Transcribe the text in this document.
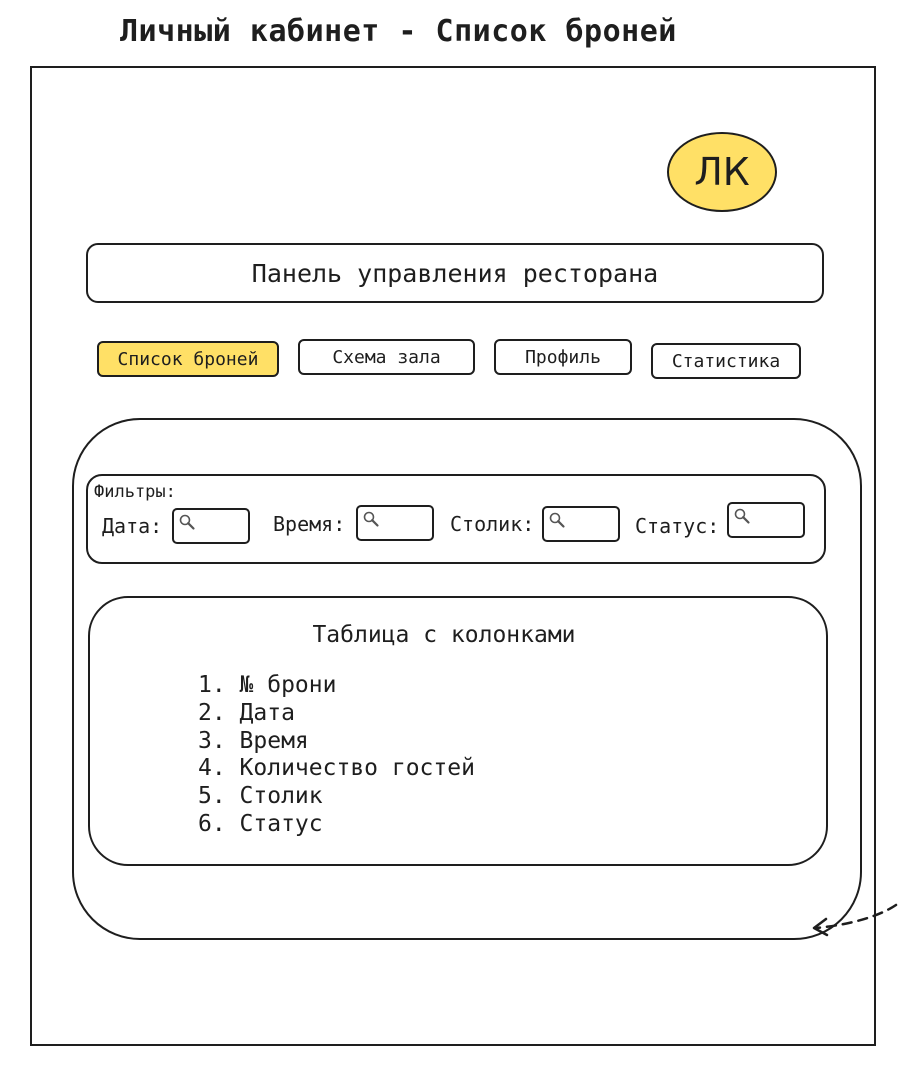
Личный кабинет - Список броней
ЛК
Панель управления ресторана
Список броней	Схема зала	Профиль	Статистика
Фильтры:
Дата:	Время:	Столик:	Статус:
Таблица с колонками
1. № брони
2. Дата
3. Время
4. Количество гостей
5. Столик
6. Статус
